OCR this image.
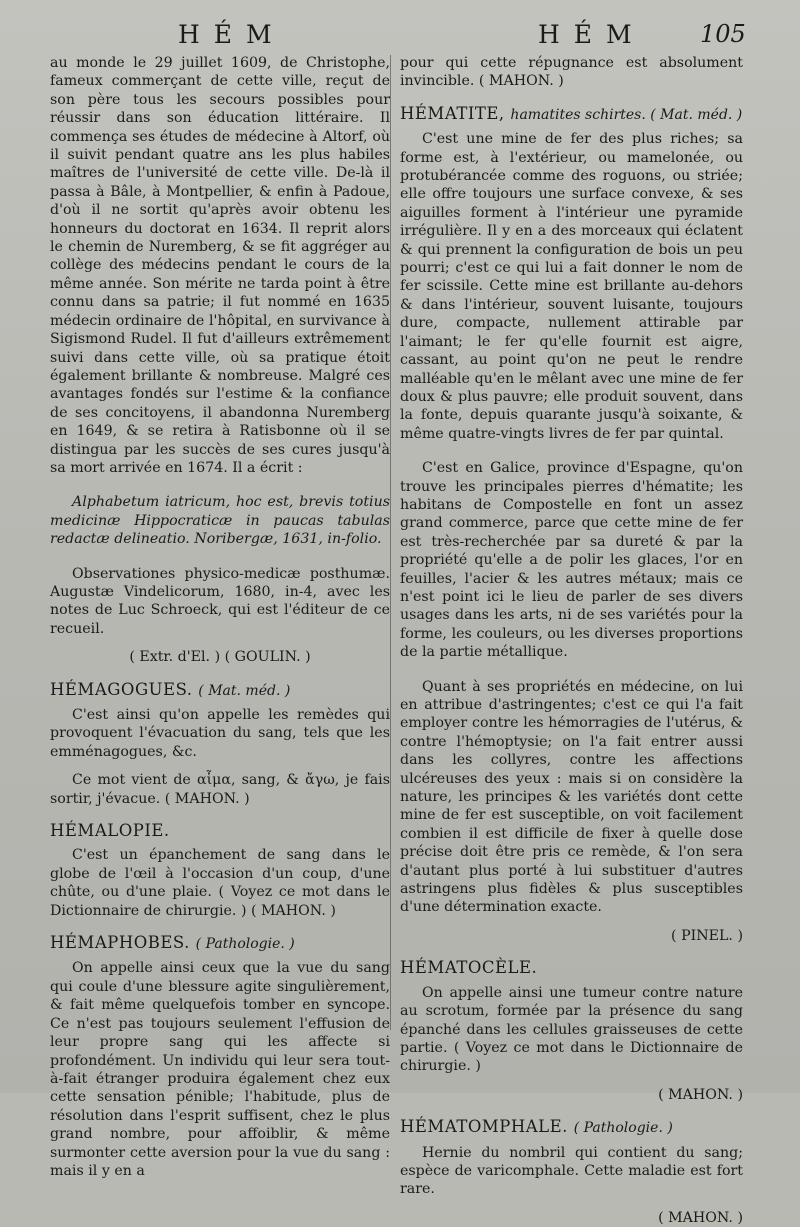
HÉM	HÉM 105

au monde le 29 juillet 1609, de Christophe, fameux commerçant de cette ville, reçut de son père tous les secours possibles pour réussir dans son éducation littéraire. Il commença ses études de médecine à Altorf, où il suivit pendant quatre ans les plus habiles maîtres de l'université de cette ville. De-là il passa à Bâle, à Montpellier, & enfin à Padoue, d'où il ne sortit qu'après avoir obtenu les honneurs du doctorat en 1634. Il reprit alors le chemin de Nuremberg, & se fit aggréger au collège des médecins pendant le cours de la même année. Son mérite ne tarda point à être connu dans sa patrie; il fut nommé en 1635 médecin ordinaire de l'hôpital, en survivance à Sigismond Rudel. Il fut d'ailleurs extrêmement suivi dans cette ville, où sa pratique étoit également brillante & nombreuse. Malgré ces avantages fondés sur l'estime & la confiance de ses concitoyens, il abandonna Nuremberg en 1649, & se retira à Ratisbonne où il se distingua par les succès de ses cures jusqu'à sa mort arrivée en 1674. Il a écrit :

Alphabetum iatricum, hoc est, brevis totius medicinæ Hippocraticæ in paucas tabulas redactæ delineatio. Noribergæ, 1631, in-folio.

Observationes physico-medicæ posthumæ. Augustæ Vindelicorum, 1680, in-4, avec les notes de Luc Schroeck, qui est l'éditeur de ce recueil.

( Extr. d'El. ) ( GOULIN. )

HÉMAGOGUES. ( Mat. méd. )

C'est ainsi qu'on appelle les remèdes qui provoquent l'évacuation du sang, tels que les emménagogues, &c.

Ce mot vient de αἷμα, sang, & ἄγω, je fais sortir, j'évacue. ( MAHON. )

HÉMALOPIE.

C'est un épanchement de sang dans le globe de l'œil à l'occasion d'un coup, d'une chûte, ou d'une plaie. ( Voyez ce mot dans le Dictionnaire de chirurgie. ) ( MAHON. )

HÉMAPHOBES. ( Pathologie. )

On appelle ainsi ceux que la vue du sang qui coule d'une blessure agite singulièrement, & fait même quelquefois tomber en syncope. Ce n'est pas toujours seulement l'effusion de leur propre sang qui les affecte si profondément. Un individu qui leur sera tout-à-fait étranger produira également chez eux cette sensation pénible; l'habitude, plus de résolution dans l'esprit suffisent, chez le plus grand nombre, pour affoiblir, & même surmonter cette aversion pour la vue du sang : mais il y en a

pour qui cette répugnance est absolument invincible. ( MAHON. )

HÉMATITE, hamatites schirtes. ( Mat. méd. )

C'est une mine de fer des plus riches; sa forme est, à l'extérieur, ou mamelonée, ou protubérancée comme des roguons, ou striée; elle offre toujours une surface convexe, & ses aiguilles forment à l'intérieur une pyramide irrégulière. Il y en a des morceaux qui éclatent & qui prennent la configuration de bois un peu pourri; c'est ce qui lui a fait donner le nom de fer scissile. Cette mine est brillante au-dehors & dans l'intérieur, souvent luisante, toujours dure, compacte, nullement attirable par l'aimant; le fer qu'elle fournit est aigre, cassant, au point qu'on ne peut le rendre malléable qu'en le mêlant avec une mine de fer doux & plus pauvre; elle produit souvent, dans la fonte, depuis quarante jusqu'à soixante, & même quatre-vingts livres de fer par quintal.

C'est en Galice, province d'Espagne, qu'on trouve les principales pierres d'hématite; les habitans de Compostelle en font un assez grand commerce, parce que cette mine de fer est très-recherchée par sa dureté & par la propriété qu'elle a de polir les glaces, l'or en feuilles, l'acier & les autres métaux; mais ce n'est point ici le lieu de parler de ses divers usages dans les arts, ni de ses variétés pour la forme, les couleurs, ou les diverses proportions de la partie métallique.

Quant à ses propriétés en médecine, on lui en attribue d'astringentes; c'est ce qui l'a fait employer contre les hémorragies de l'utérus, & contre l'hémoptysie; on l'a fait entrer aussi dans les collyres, contre les affections ulcéreuses des yeux : mais si on considère la nature, les principes & les variétés dont cette mine de fer est susceptible, on voit facilement combien il est difficile de fixer à quelle dose précise doit être pris ce remède, & l'on sera d'autant plus porté à lui substituer d'autres astringens plus fidèles & plus susceptibles d'une détermination exacte.

( PINEL. )

HÉMATOCÈLE.

On appelle ainsi une tumeur contre nature au scrotum, formée par la présence du sang épanché dans les cellules graisseuses de cette partie. ( Voyez ce mot dans le Dictionnaire de chirurgie. )

( MAHON. )

HÉMATOMPHALE. ( Pathologie. )

Hernie du nombril qui contient du sang; espèce de varicomphale. Cette maladie est fort rare.

( MAHON. )
